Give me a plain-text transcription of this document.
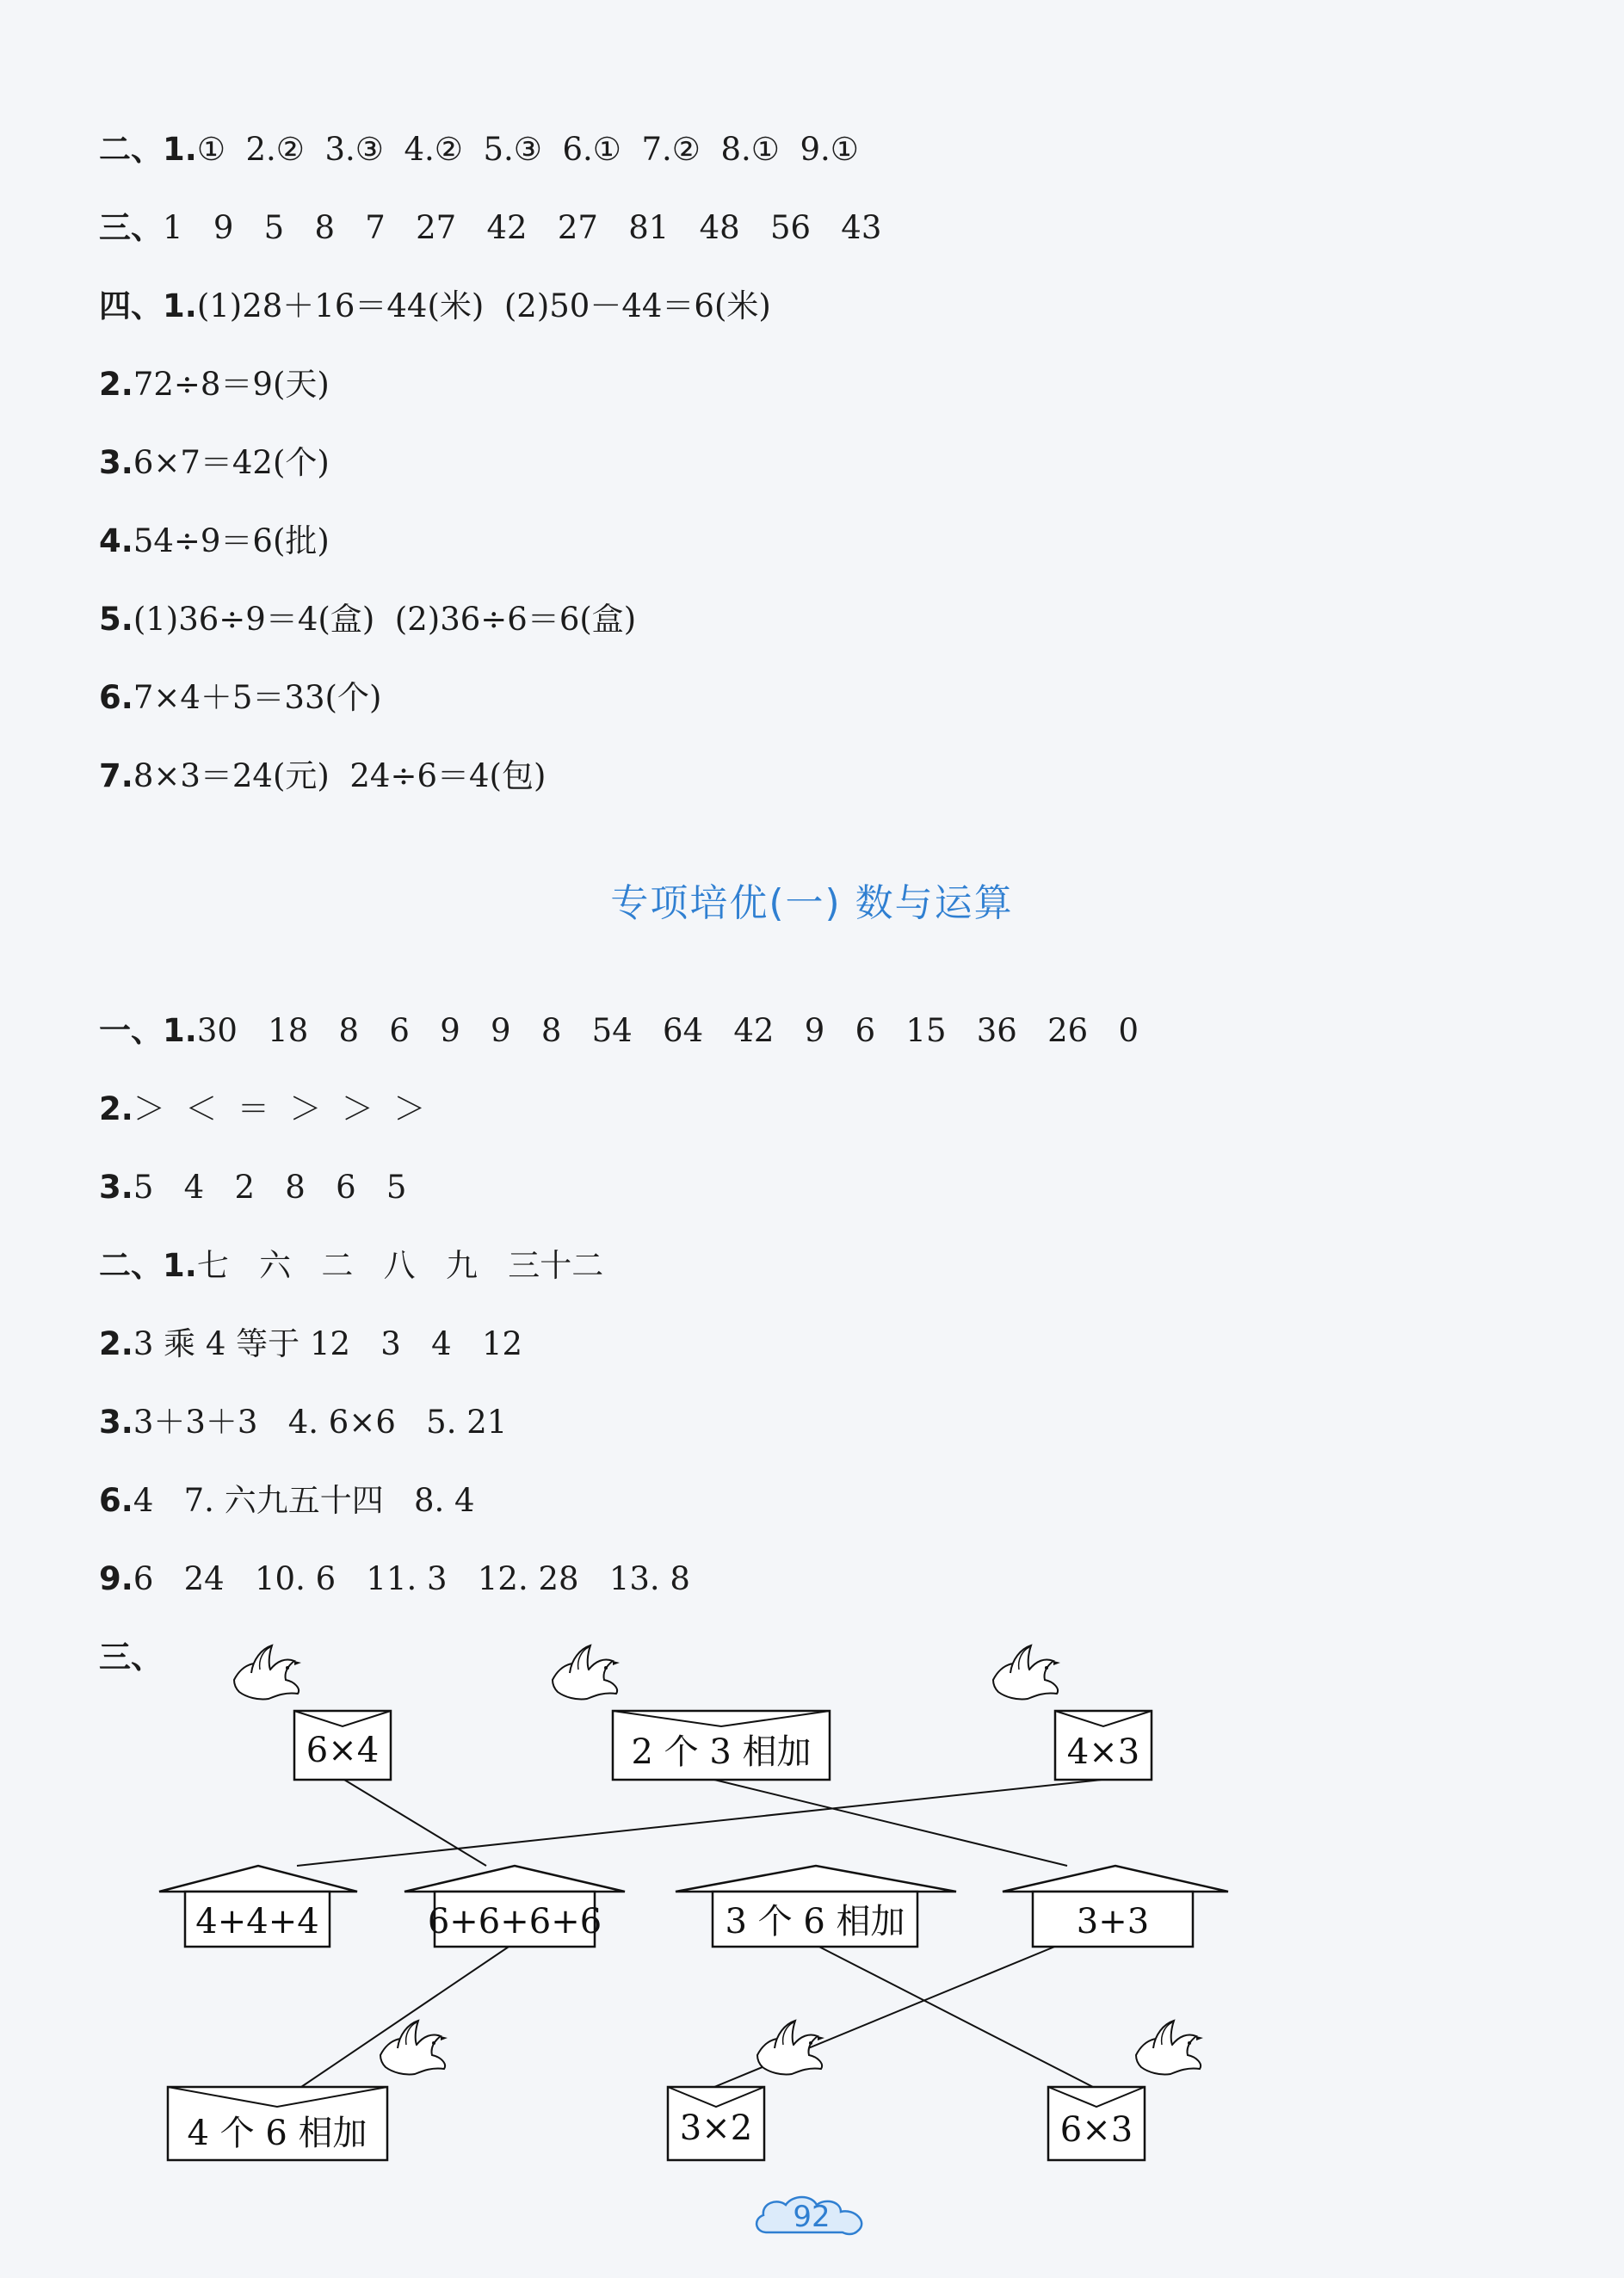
二、1.①  2.②  3.③  4.②  5.③  6.①  7.②  8.①  9.①
三、1   9   5   8   7   27   42   27   81   48   56   43
四、1.(1)28＋16＝44(米)  (2)50－44＝6(米)
2.72÷8＝9(天)
3.6×7＝42(个)
4.54÷9＝6(批)
5.(1)36÷9＝4(盒)  (2)36÷6＝6(盒)
6.7×4＋5＝33(个)
7.8×3＝24(元)  24÷6＝4(包)
专项培优(一) 数与运算
一、1.30   18   8   6   9   9   8   54   64   42   9   6   15   36   26   0
2.＞  ＜  ＝  ＞  ＞  ＞
3.5   4   2   8   6   5
二、1.七   六   二   八   九   三十二
2.3 乘 4 等于 12   3   4   12
3.3＋3＋3   4. 6×6   5. 21
6.4   7. 六九五十四   8. 4
9.6   24   10. 6   11. 3   12. 28   13. 8
三、
6×4	2 个 3 相加	4×3
4+4+4	6+6+6+6	3 个 6 相加	3+3
4 个 6 相加	3×2	6×3
92
